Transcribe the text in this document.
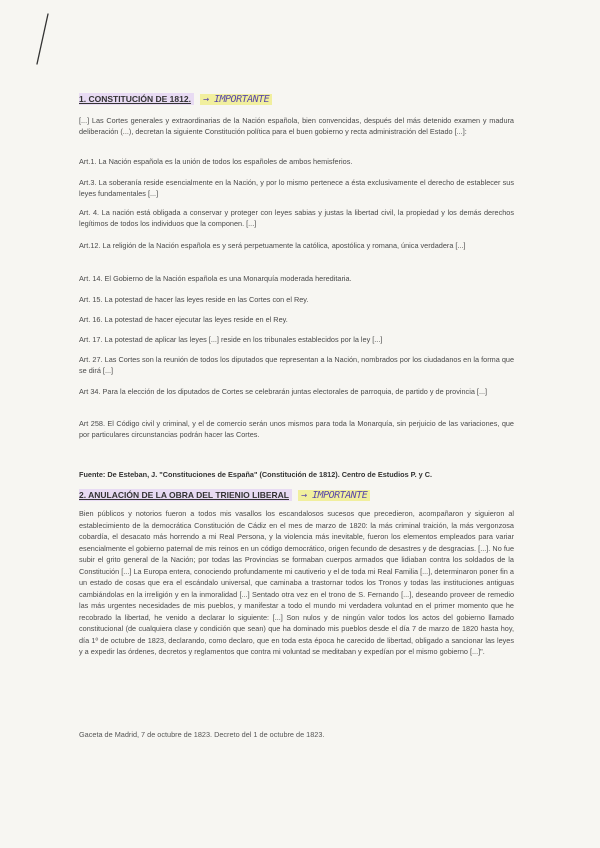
1. CONSTITUCIÓN DE 1812.	→ IMPORTANTE
[...] Las Cortes generales y extraordinarias de la Nación española, bien convencidas, después del más detenido examen y madura deliberación (...), decretan la siguiente Constitución política para el buen gobierno y recta administración del Estado [...]:
Art.1. La Nación española es la unión de todos los españoles de ambos hemisferios.
Art.3. La soberanía reside esencialmente en la Nación, y por lo mismo pertenece a ésta exclusivamente el derecho de establecer sus leyes fundamentales [...]
Art. 4. La nación está obligada a conservar y proteger con leyes sabias y justas la libertad civil, la propiedad y los demás derechos legítimos de todos los individuos que la componen. [...]
Art.12. La religión de la Nación española es y será perpetuamente la católica, apostólica y romana, única verdadera [...]
Art. 14. El Gobierno de la Nación española es una Monarquía moderada hereditaria.
Art. 15. La potestad de hacer las leyes reside en las Cortes con el Rey.
Art. 16. La potestad de hacer ejecutar las leyes reside en el Rey.
Art. 17. La potestad de aplicar las leyes [...] reside en los tribunales establecidos por la ley [...]
Art. 27. Las Cortes son la reunión de todos los diputados que representan a la Nación, nombrados por los ciudadanos en la forma que se dirá [...]
Art 34. Para la elección de los diputados de Cortes se celebrarán juntas electorales de parroquia, de partido y de provincia [...]
Art 258. El Código civil y criminal, y el de comercio serán unos mismos para toda la Monarquía, sin perjuicio de las variaciones, que por particulares circunstancias podrán hacer las Cortes.
Fuente: De Esteban, J. "Constituciones de España" (Constitución de 1812). Centro de Estudios P. y C.
2. ANULACIÓN DE LA OBRA DEL TRIENIO LIBERAL	→ IMPORTANTE
Bien públicos y notorios fueron a todos mis vasallos los escandalosos sucesos que precedieron, acompañaron y siguieron al establecimiento de la democrática Constitución de Cádiz en el mes de marzo de 1820: la más criminal traición, la más vergonzosa cobardía, el desacato más horrendo a mi Real Persona, y la violencia más inevitable, fueron los elementos empleados para variar esencialmente el gobierno paternal de mis reinos en un código democrático, origen fecundo de desastres y de desgracias. [...]. No fue subir el grito general de la Nación; por todas las Provincias se formaban cuerpos armados que lidiaban contra los soldados de la Constitución [...] La Europa entera, conociendo profundamente mi cautiverio y el de toda mi Real Familia [...], determinaron poner fin a un estado de cosas que era el escándalo universal, que caminaba a trastornar todos los Tronos y todas las instituciones antiguas cambiándolas en la irreligión y en la inmoralidad [...] Sentado otra vez en el trono de S. Fernando [...], deseando proveer de remedio las más urgentes necesidades de mis pueblos, y manifestar a todo el mundo mi verdadera voluntad en el primer momento que he recobrado la libertad, he venido a declarar lo siguiente: [...] Son nulos y de ningún valor todos los actos del gobierno llamado constitucional (de cualquiera clase y condición que sean) que ha dominado mis pueblos desde el día 7 de marzo de 1820 hasta hoy, día 1º de octubre de 1823, declarando, como declaro, que en toda esta época he carecido de libertad, obligado a sancionar las leyes y a expedir las órdenes, decretos y reglamentos que contra mi voluntad se meditaban y expedían por el mismo gobierno [...]".
Gaceta de Madrid, 7 de octubre de 1823. Decreto del 1 de octubre de 1823.
